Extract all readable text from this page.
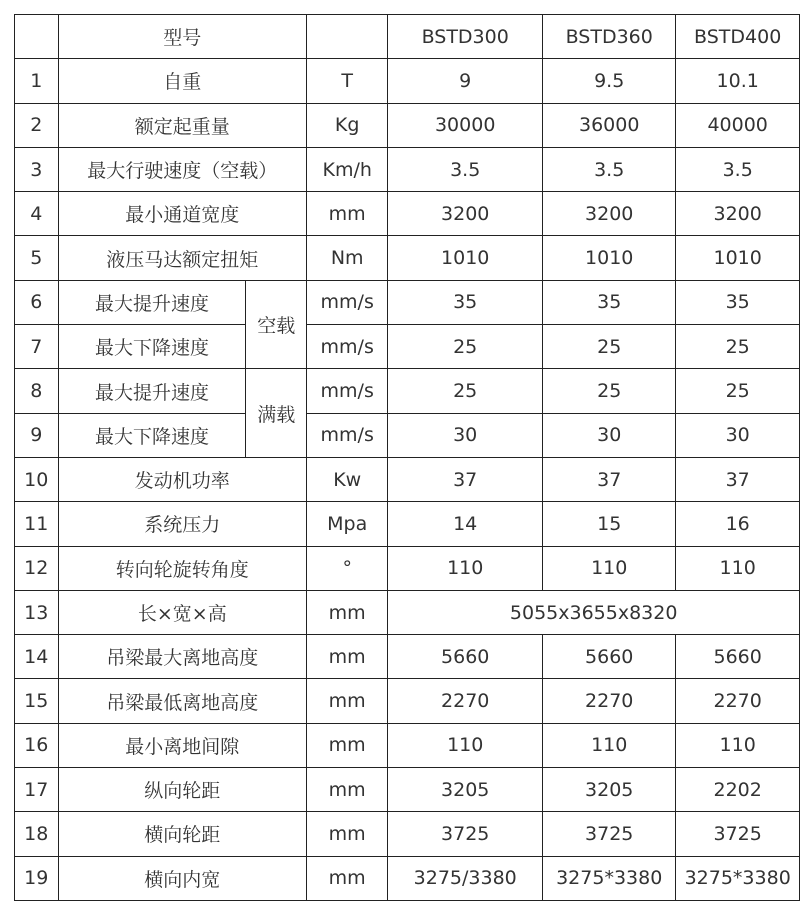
	型号			BSTD300	BSTD360	BSTD400
1	自重		T	9	9.5	10.1
2	额定起重量		Kg	30000	36000	40000
3	最大行驶速度（空载）		Km/h	3.5	3.5	3.5
4	最小通道宽度		mm	3200	3200	3200
5	液压马达额定扭矩		Nm	1010	1010	1010
6	最大提升速度	空载	mm/s	35	35	35
7	最大下降速度		mm/s	25	25	25
8	最大提升速度	满载	mm/s	25	25	25
9	最大下降速度		mm/s	30	30	30
10	发动机功率		Kw	37	37	37
11	系统压力		Mpa	14	15	16
12	转向轮旋转角度		°	110	110	110
13	长×宽×高		mm	5055x3655x8320		
14	吊梁最大离地高度		mm	5660	5660	5660
15	吊梁最低离地高度		mm	2270	2270	2270
16	最小离地间隙		mm	110	110	110
17	纵向轮距		mm	3205	3205	2202
18	横向轮距		mm	3725	3725	3725
19	横向内宽		mm	3275/3380	3275*3380	3275*3380
